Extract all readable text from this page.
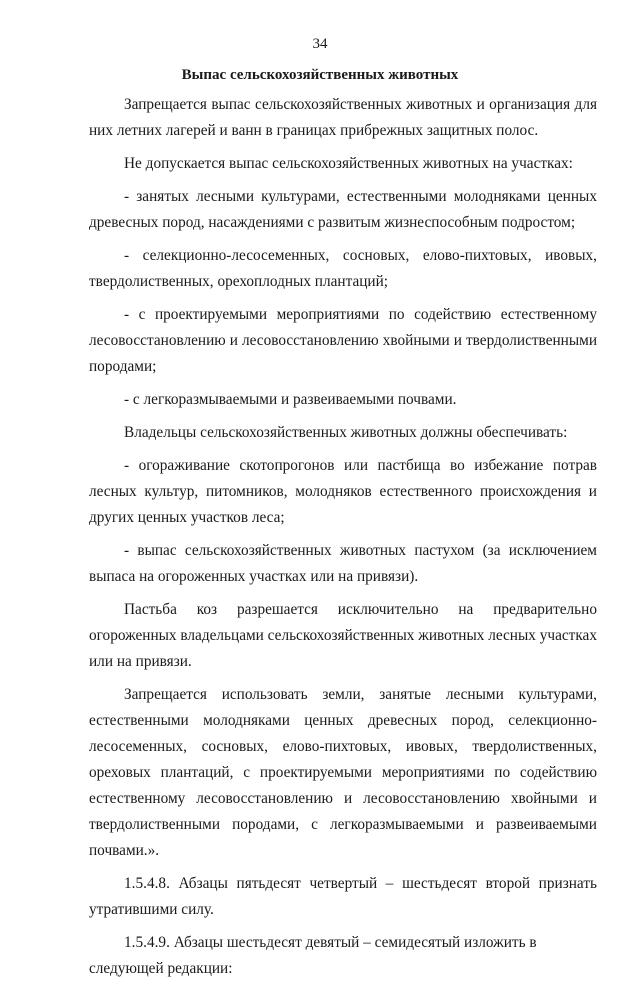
34
Выпас сельскохозяйственных животных

Запрещается выпас сельскохозяйственных животных и организация для них летних лагерей и ванн в границах прибрежных защитных полос.

Не допускается выпас сельскохозяйственных животных на участках:

- занятых лесными культурами, естественными молодняками ценных древесных пород, насаждениями с развитым жизнеспособным подростом;

- селекционно-лесосеменных, сосновых, елово-пихтовых, ивовых, твердолиственных, орехоплодных плантаций;

- с проектируемыми мероприятиями по содействию естественному лесовосстановлению и лесовосстановлению хвойными и твердолиственными породами;

- с легкоразмываемыми и развеиваемыми почвами.

Владельцы сельскохозяйственных животных должны обеспечивать:

- огораживание скотопрогонов или пастбища во избежание потрав лесных культур, питомников, молодняков естественного происхождения и других ценных участков леса;

- выпас сельскохозяйственных животных пастухом (за исключением выпаса на огороженных участках или на привязи).

Пастьба коз разрешается исключительно на предварительно огороженных владельцами сельскохозяйственных животных лесных участках или на привязи.

Запрещается использовать земли, занятые лесными культурами, естественными молодняками ценных древесных пород, селекционно-лесосеменных, сосновых, елово-пихтовых, ивовых, твердолиственных, ореховых плантаций, с проектируемыми мероприятиями по содействию естественному лесовосстановлению и лесовосстановлению хвойными и твердолиственными породами, с легкоразмываемыми и развеиваемыми почвами.».

1.5.4.8. Абзацы пятьдесят четвертый – шестьдесят второй признать утратившими силу.

1.5.4.9. Абзацы шестьдесят девятый – семидесятый изложить в следующей редакции:
